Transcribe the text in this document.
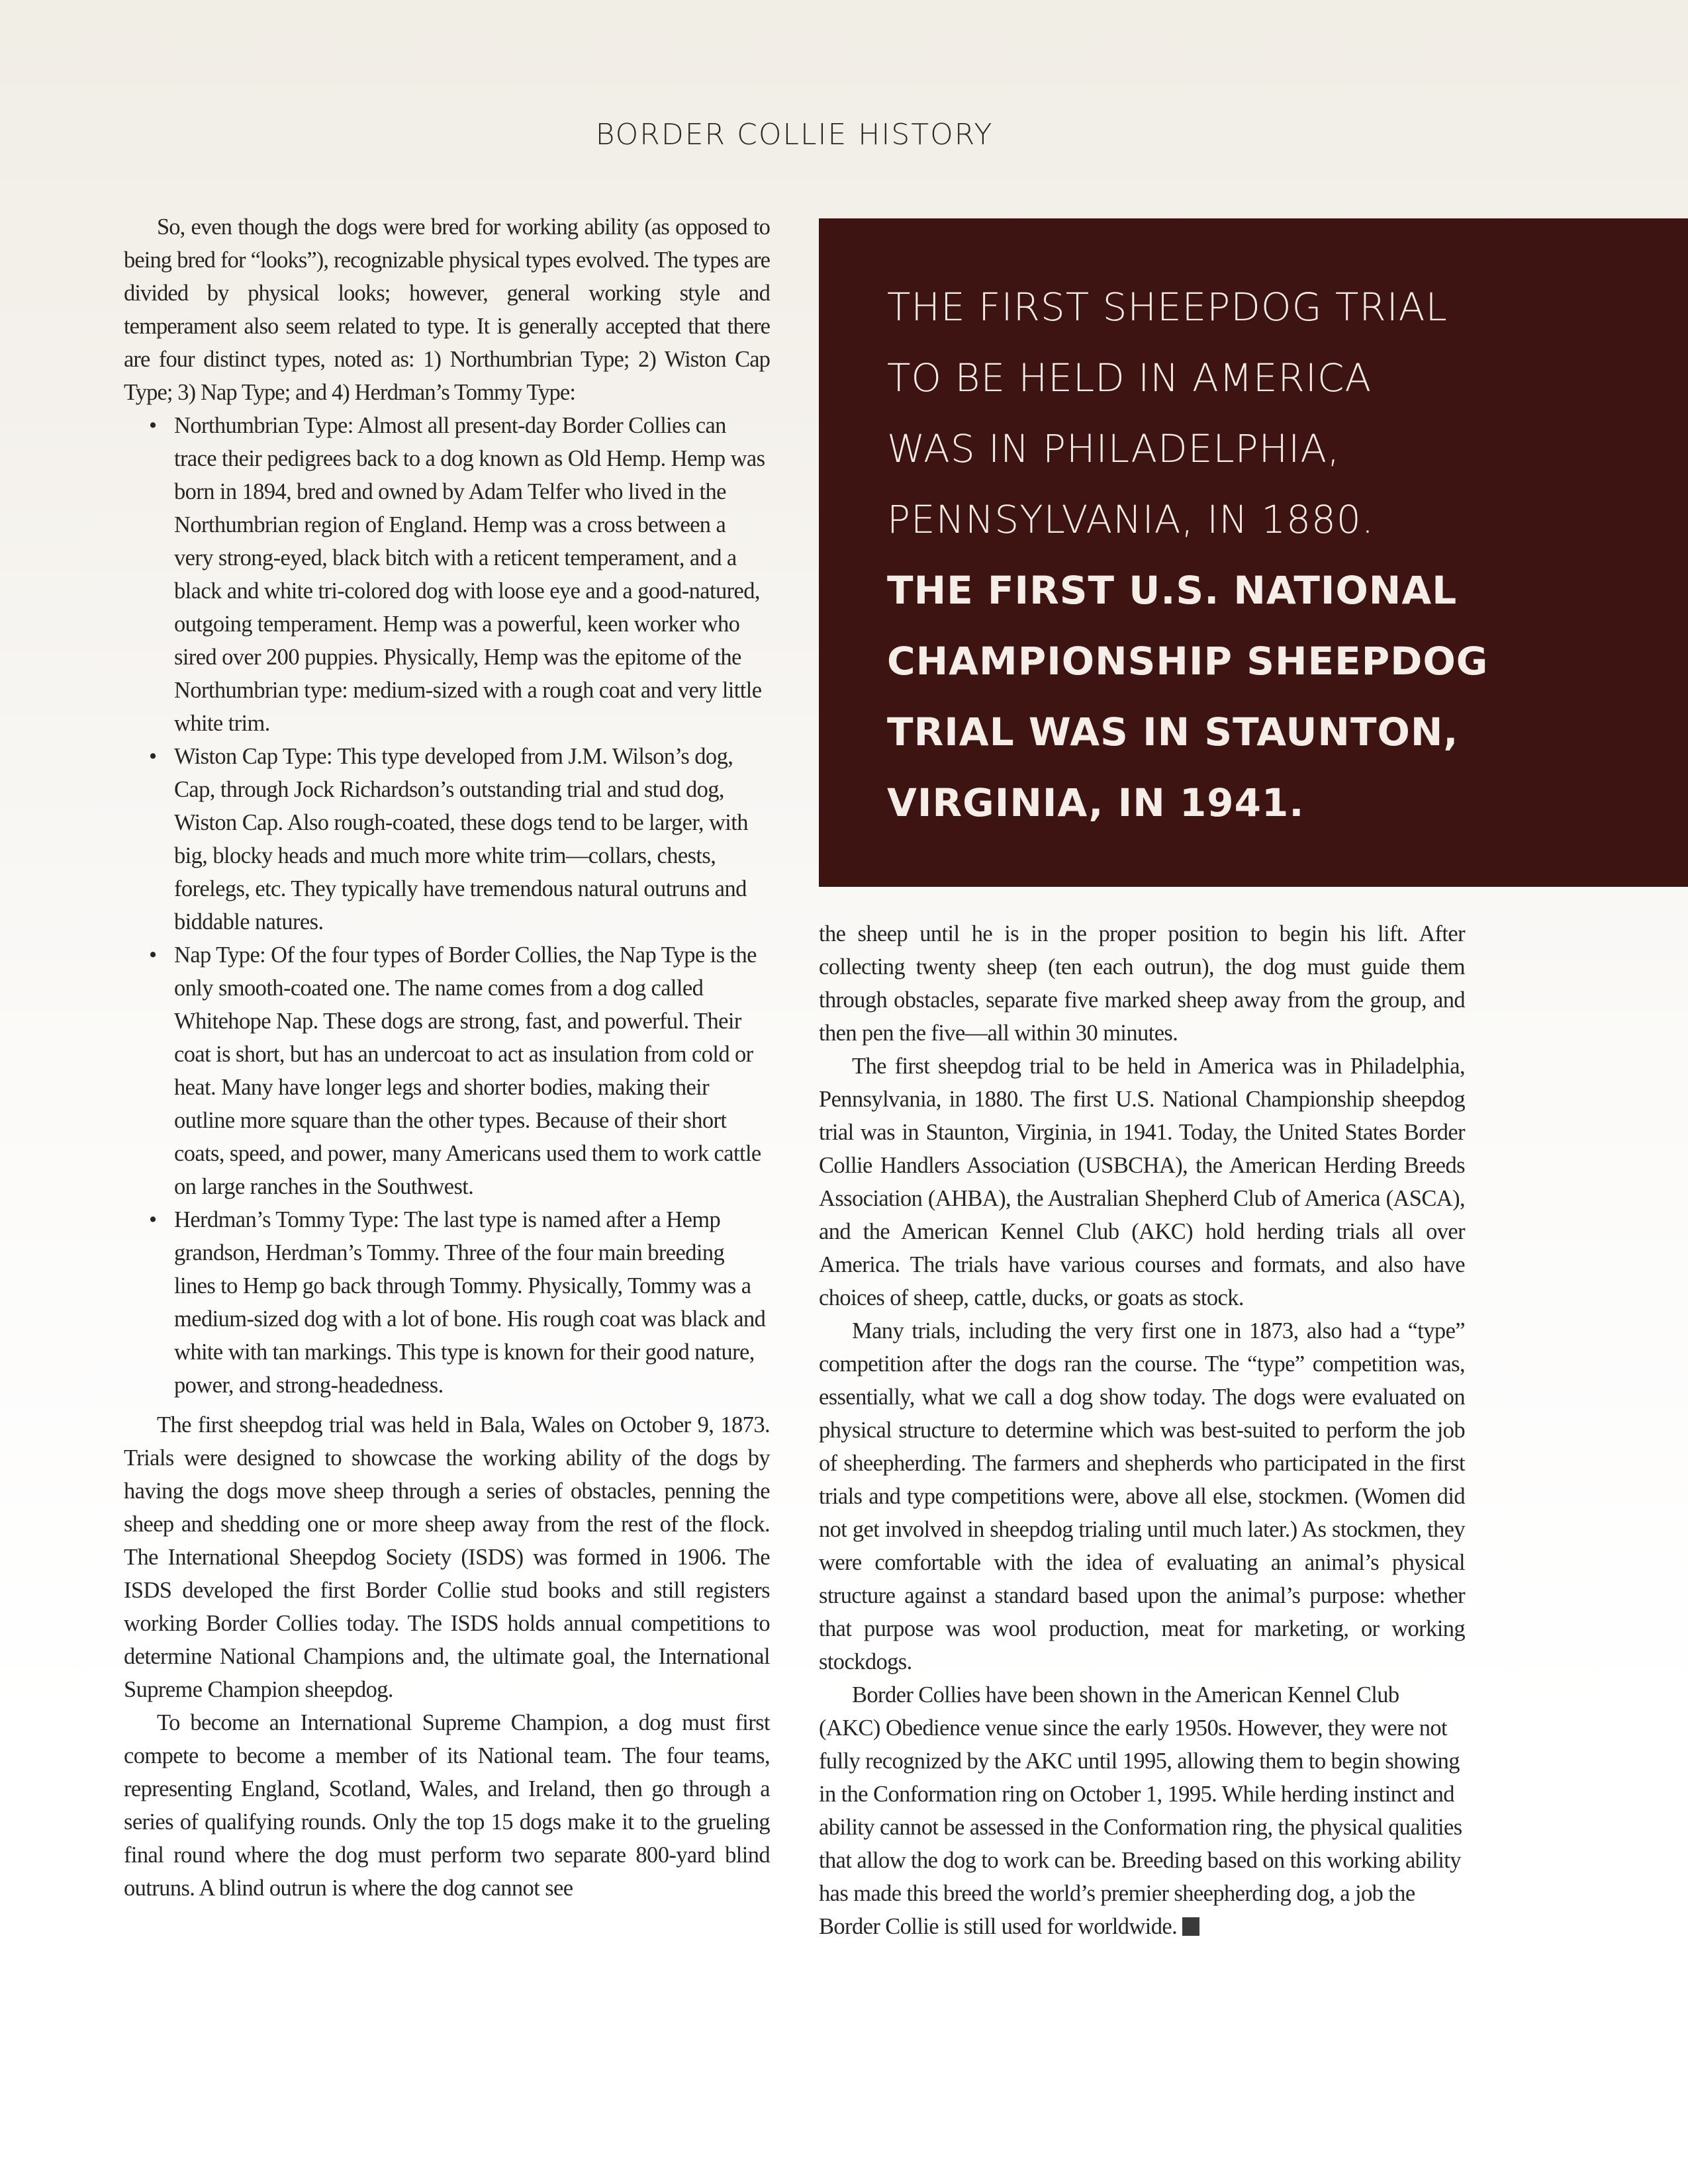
BORDER COLLIE HISTORY

So, even though the dogs were bred for working ability (as opposed to being bred for “looks”), recognizable physical types evolved. The types are divided by physical looks; however, general working style and temperament also seem related to type. It is generally accepted that there are four distinct types, noted as: 1) Northumbrian Type; 2) Wiston Cap Type; 3) Nap Type; and 4) Herdman’s Tommy Type:

• Northumbrian Type: Almost all present-day Border Collies can trace their pedigrees back to a dog known as Old Hemp. Hemp was born in 1894, bred and owned by Adam Telfer who lived in the Northumbrian region of England. Hemp was a cross between a very strong-eyed, black bitch with a reticent temperament, and a black and white tri-colored dog with loose eye and a good-natured, outgoing temperament. Hemp was a powerful, keen worker who sired over 200 puppies. Physically, Hemp was the epitome of the Northumbrian type: medium-sized with a rough coat and very little white trim.
• Wiston Cap Type: This type developed from J.M. Wilson’s dog, Cap, through Jock Richardson’s outstanding trial and stud dog, Wiston Cap. Also rough-coated, these dogs tend to be larger, with big, blocky heads and much more white trim—collars, chests, forelegs, etc. They typically have tremendous natural outruns and biddable natures.
• Nap Type: Of the four types of Border Collies, the Nap Type is the only smooth-coated one. The name comes from a dog called Whitehope Nap. These dogs are strong, fast, and powerful. Their coat is short, but has an undercoat to act as insulation from cold or heat. Many have longer legs and shorter bodies, making their outline more square than the other types. Because of their short coats, speed, and power, many Americans used them to work cattle on large ranches in the Southwest.
• Herdman’s Tommy Type: The last type is named after a Hemp grandson, Herdman’s Tommy. Three of the four main breeding lines to Hemp go back through Tommy. Physically, Tommy was a medium-sized dog with a lot of bone. His rough coat was black and white with tan markings. This type is known for their good nature, power, and strong-headedness.

The first sheepdog trial was held in Bala, Wales on October 9, 1873. Trials were designed to showcase the working ability of the dogs by having the dogs move sheep through a series of obstacles, penning the sheep and shedding one or more sheep away from the rest of the flock. The International Sheepdog Society (ISDS) was formed in 1906. The ISDS developed the first Border Collie stud books and still registers working Border Collies today. The ISDS holds annual competitions to determine National Champions and, the ultimate goal, the International Supreme Champion sheepdog.

To become an International Supreme Champion, a dog must first compete to become a member of its National team. The four teams, representing England, Scotland, Wales, and Ireland, then go through a series of qualifying rounds. Only the top 15 dogs make it to the grueling final round where the dog must perform two separate 800-yard blind outruns. A blind outrun is where the dog cannot see

THE FIRST SHEEPDOG TRIAL
TO BE HELD IN AMERICA
WAS IN PHILADELPHIA,
PENNSYLVANIA, IN 1880.
THE FIRST U.S. NATIONAL
CHAMPIONSHIP SHEEPDOG
TRIAL WAS IN STAUNTON,
VIRGINIA, IN 1941.

the sheep until he is in the proper position to begin his lift. After collecting twenty sheep (ten each outrun), the dog must guide them through obstacles, separate five marked sheep away from the group, and then pen the five—all within 30 minutes.

The first sheepdog trial to be held in America was in Philadelphia, Pennsylvania, in 1880. The first U.S. National Championship sheepdog trial was in Staunton, Virginia, in 1941. Today, the United States Border Collie Handlers Association (USBCHA), the American Herding Breeds Association (AHBA), the Australian Shepherd Club of America (ASCA), and the American Kennel Club (AKC) hold herding trials all over America. The trials have various courses and formats, and also have choices of sheep, cattle, ducks, or goats as stock.

Many trials, including the very first one in 1873, also had a “type” competition after the dogs ran the course. The “type” competition was, essentially, what we call a dog show today. The dogs were evaluated on physical structure to determine which was best-suited to perform the job of sheepherding. The farmers and shepherds who participated in the first trials and type competitions were, above all else, stockmen. (Women did not get involved in sheepdog trialing until much later.) As stockmen, they were comfortable with the idea of evaluating an animal’s physical structure against a standard based upon the animal’s purpose: whether that purpose was wool production, meat for marketing, or working stockdogs.

Border Collies have been shown in the American Kennel Club (AKC) Obedience venue since the early 1950s. However, they were not fully recognized by the AKC until 1995, allowing them to begin showing in the Conformation ring on October 1, 1995. While herding instinct and ability cannot be assessed in the Conformation ring, the physical qualities that allow the dog to work can be. Breeding based on this working ability has made this breed the world’s premier sheepherding dog, a job the Border Collie is still used for worldwide.
